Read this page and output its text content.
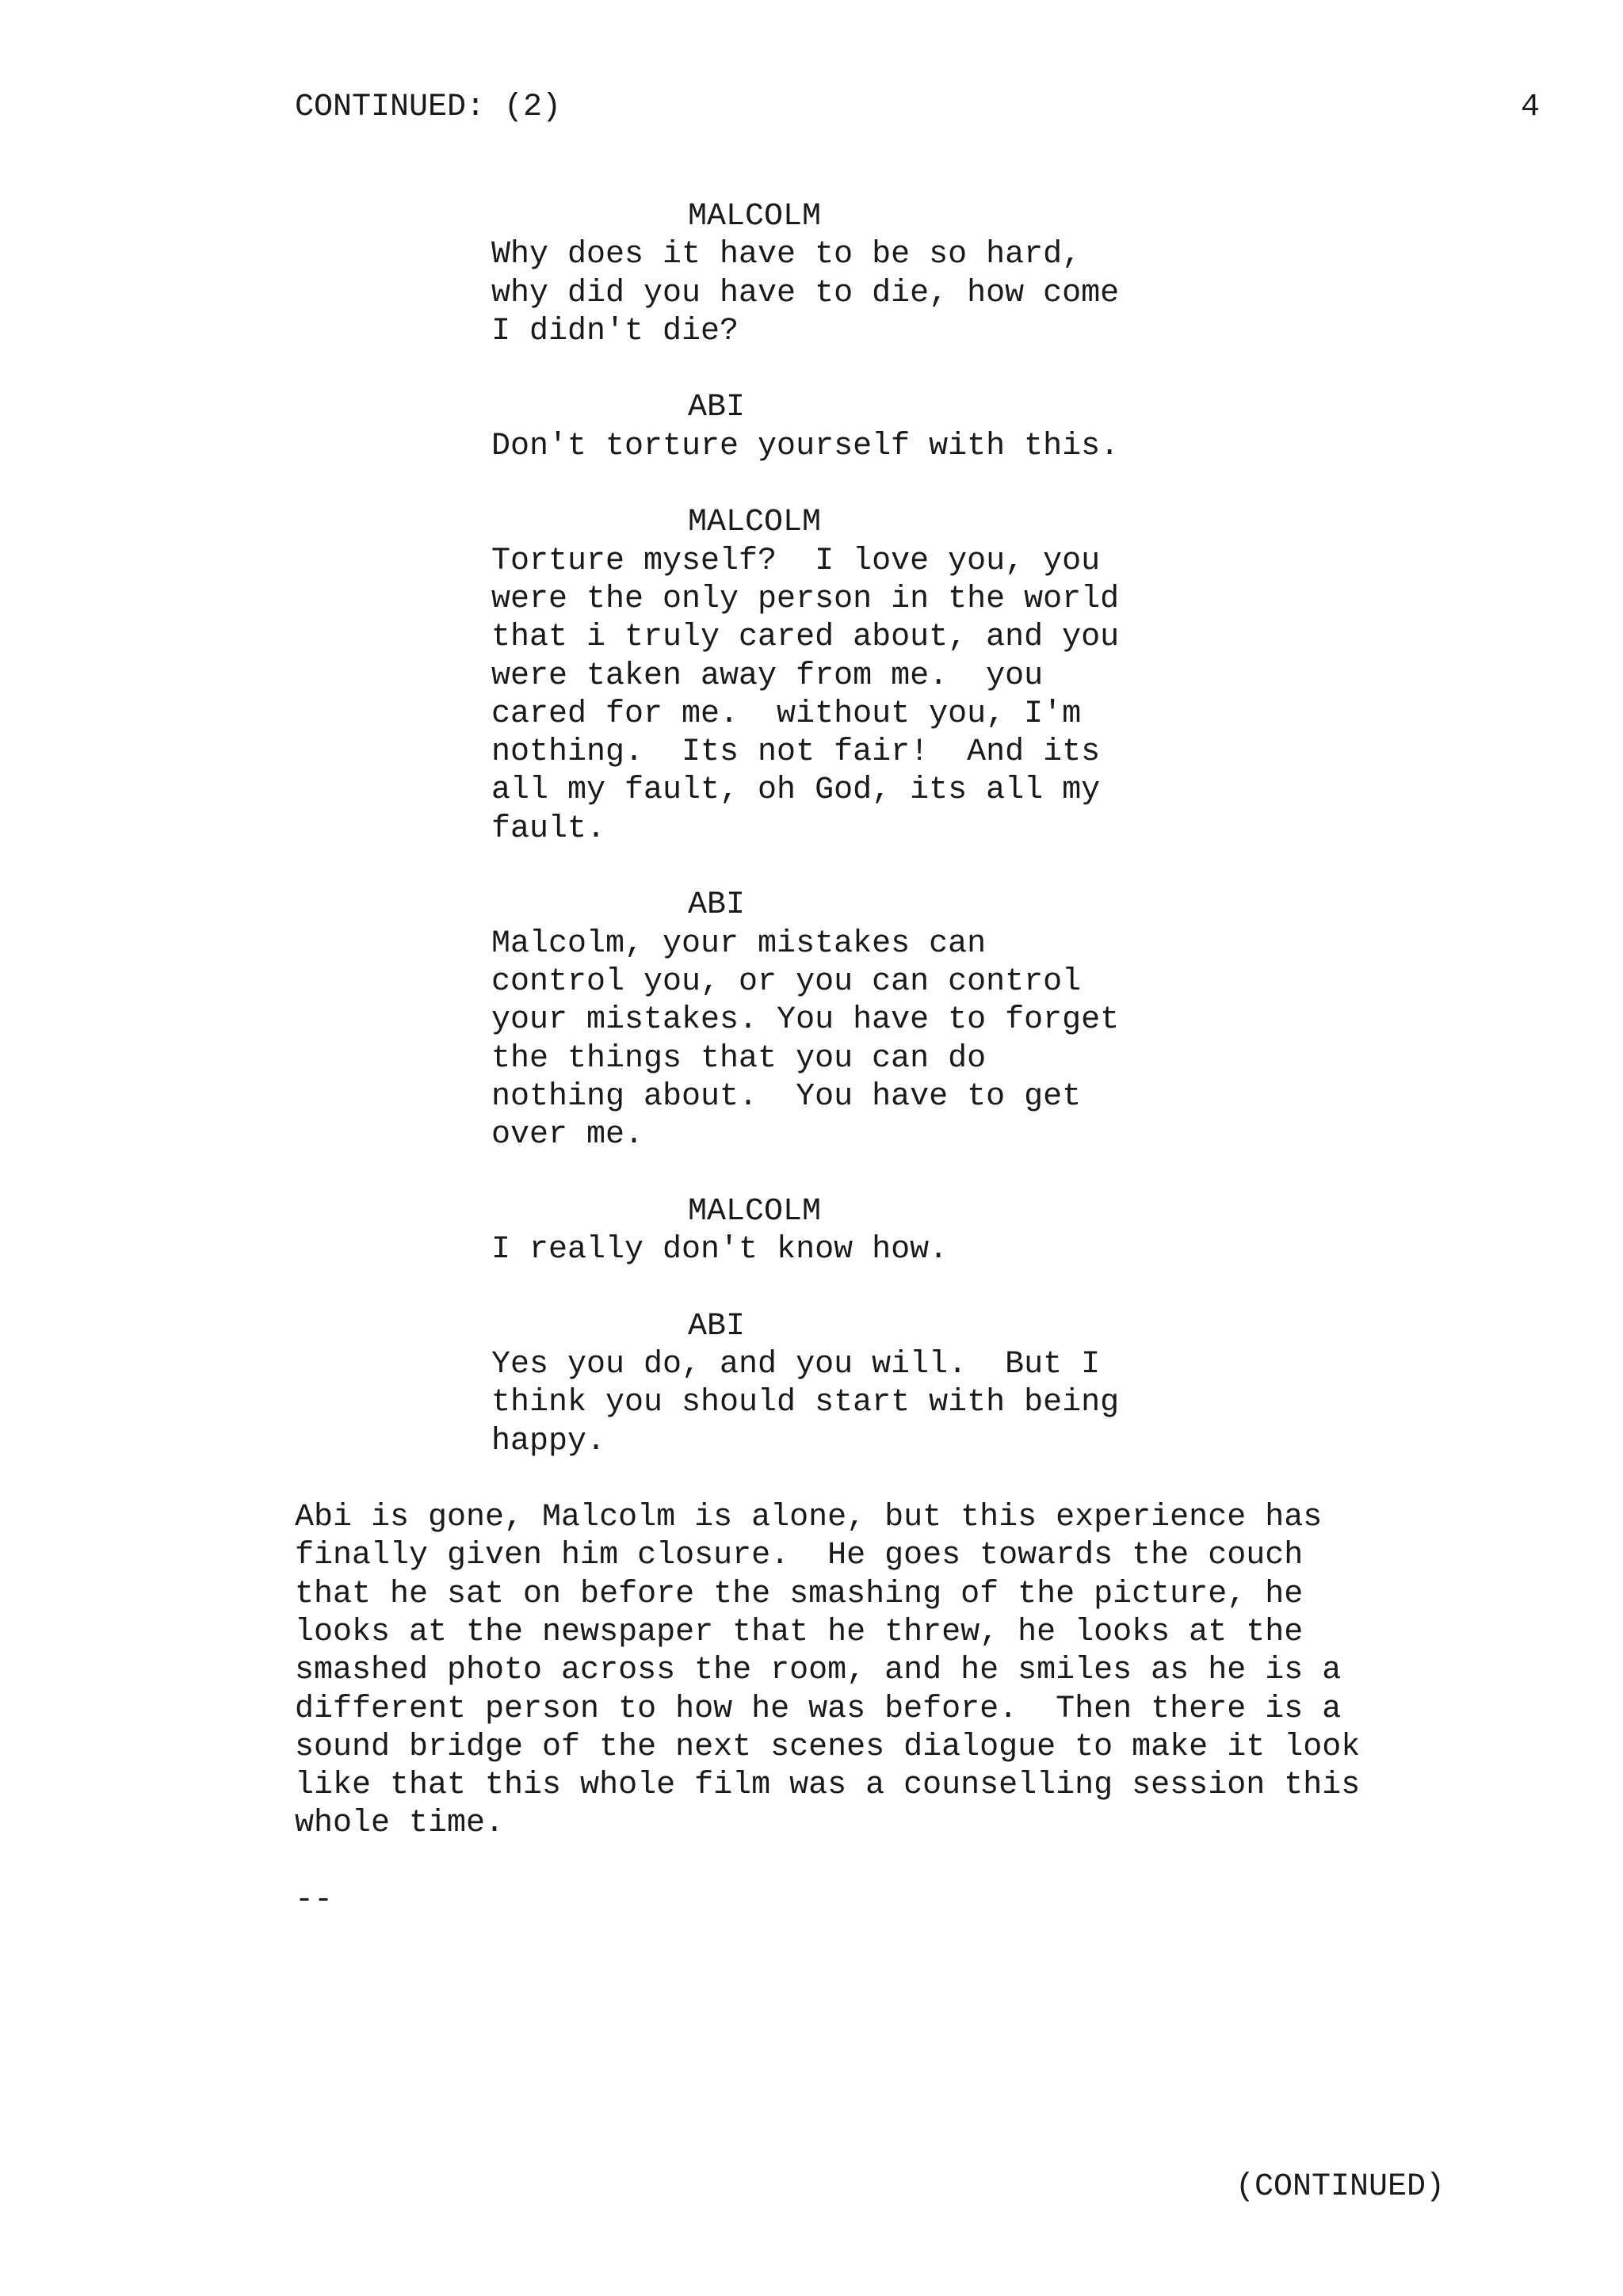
CONTINUED: (2)	4
MALCOLM
Why does it have to be so hard,
why did you have to die, how come
I didn't die?
ABI
Don't torture yourself with this.
MALCOLM
Torture myself?  I love you, you
were the only person in the world
that i truly cared about, and you
were taken away from me.  you
cared for me.  without you, I'm
nothing.  Its not fair!  And its
all my fault, oh God, its all my
fault.
ABI
Malcolm, your mistakes can
control you, or you can control
your mistakes. You have to forget
the things that you can do
nothing about.  You have to get
over me.
MALCOLM
I really don't know how.
ABI
Yes you do, and you will.  But I
think you should start with being
happy.
Abi is gone, Malcolm is alone, but this experience has
finally given him closure.  He goes towards the couch
that he sat on before the smashing of the picture, he
looks at the newspaper that he threw, he looks at the
smashed photo across the room, and he smiles as he is a
different person to how he was before.  Then there is a
sound bridge of the next scenes dialogue to make it look
like that this whole film was a counselling session this
whole time.
--
(CONTINUED)
